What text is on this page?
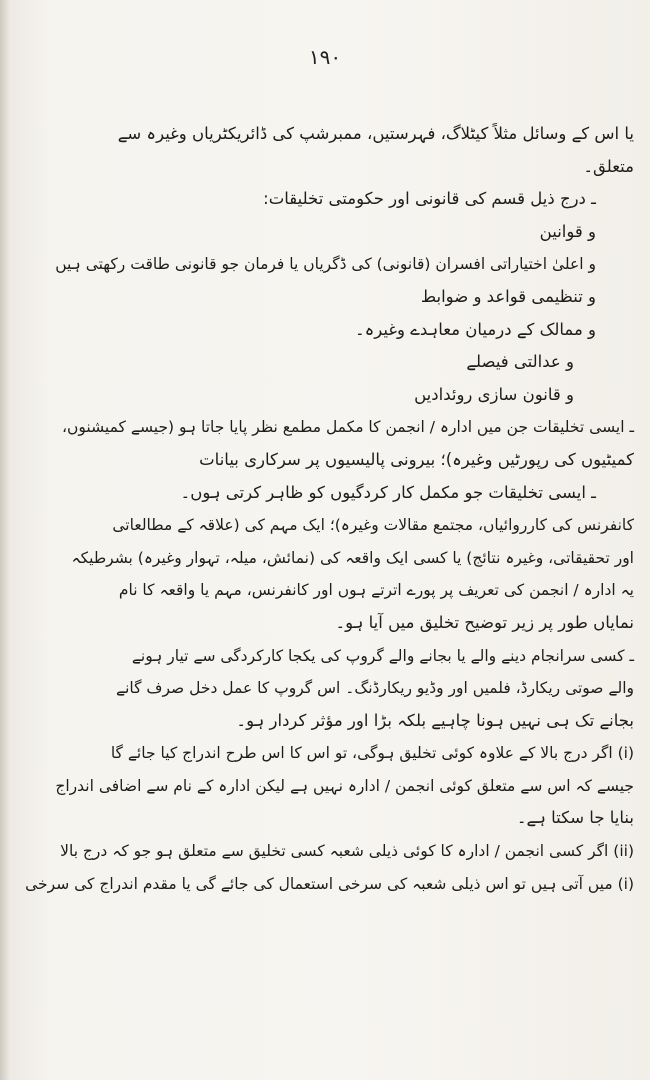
١٩٠
یا اس کے وسائل مثلاً کیٹلاگ، فہرستیں، ممبرشپ کی ڈائریکٹریاں وغیرہ سے
متعلق۔
ـ درج ذیل قسم کی قانونی اور حکومتی تخلیقات:
و قوانین
و اعلیٰ اختیاراتی افسران (قانونی) کی ڈگریاں یا فرمان جو قانونی طاقت رکھتی ہیں
و تنظیمی قواعد و ضوابط
و ممالک کے درمیان معاہدے وغیرہ۔
و عدالتی فیصلے
و قانون سازی روئدادیں
ـ ایسی تخلیقات جن میں ادارہ / انجمن کا مکمل مطمع نظر پایا جاتا ہو (جیسے کمیشنوں،
کمیٹیوں کی رپورٹیں وغیرہ)؛ بیرونی پالیسیوں پر سرکاری بیانات
ـ ایسی تخلیقات جو مکمل کار کردگیوں کو ظاہر کرتی ہوں۔
کانفرنس کی کارروائیاں، مجتمع مقالات وغیرہ)؛ ایک مہم کی (علاقہ کے مطالعاتی
اور تحقیقاتی، وغیرہ نتائج) یا کسی ایک واقعہ کی (نمائش، میلہ، تہوار وغیرہ) بشرطیکہ
یہ ادارہ / انجمن کی تعریف پر پورے اترتے ہوں اور کانفرنس، مہم یا واقعہ کا نام
نمایاں طور پر زیر توضیح تخلیق میں آیا ہو۔
ـ کسی سرانجام دینے والے یا بجانے والے گروپ کی یکجا کارکردگی سے تیار ہونے
والے صوتی ریکارڈ، فلمیں اور وڈیو ریکارڈنگ۔ اس گروپ کا عمل دخل صرف گانے
بجانے تک ہی نہیں ہونا چاہیے بلکہ بڑا اور مؤثر کردار ہو۔
(i) اگر درج بالا کے علاوہ کوئی تخلیق ہوگی، تو اس کا اس طرح اندراج کیا جائے گا
جیسے کہ اس سے متعلق کوئی انجمن / ادارہ نہیں ہے لیکن ادارہ کے نام سے اضافی اندراج
بنایا جا سکتا ہے۔
(ii) اگر کسی انجمن / ادارہ کا کوئی ذیلی شعبہ کسی تخلیق سے متعلق ہو جو کہ درج بالا
(i) میں آتی ہیں تو اس ذیلی شعبہ کی سرخی استعمال کی جائے گی یا مقدم اندراج کی سرخی
